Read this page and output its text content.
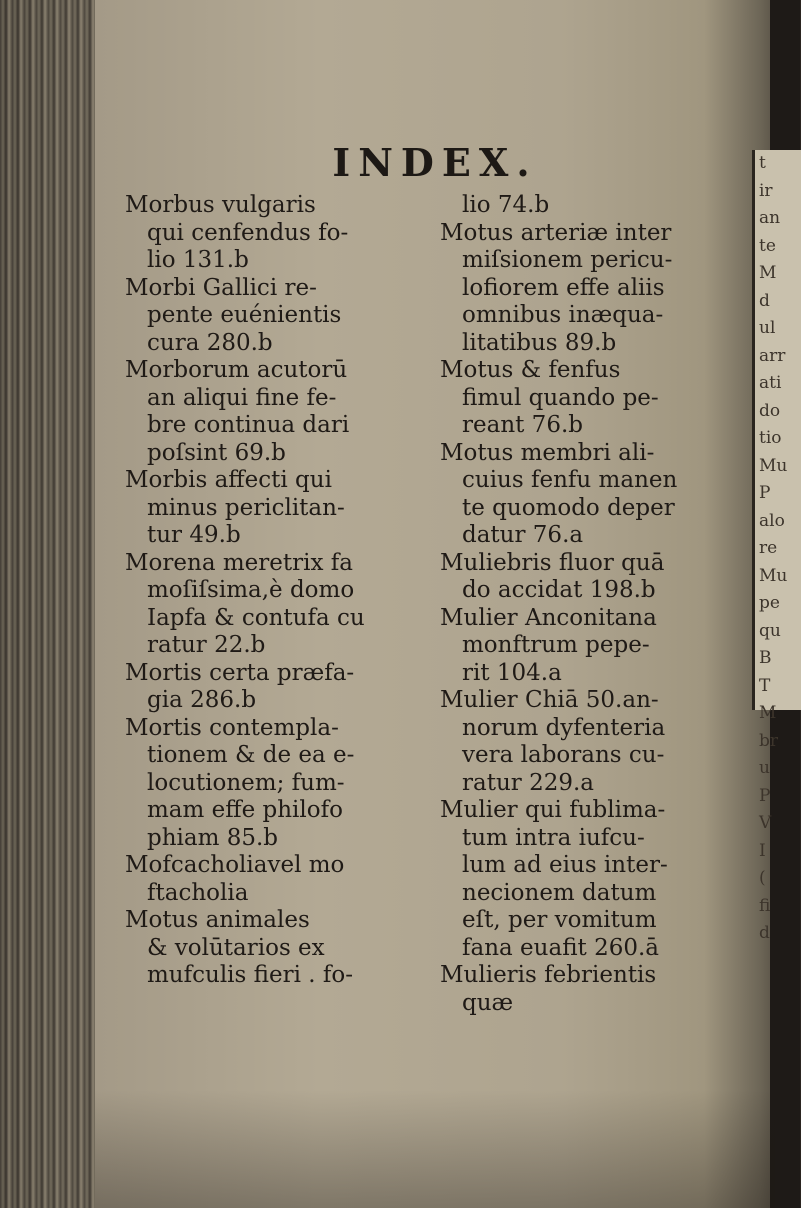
t
ir
an
te
M
d
ul
arr
ati
do
tio
Mu
P
alo
re
Mu
pe
qu
B
T
M
br
u
P
V
I
(
fi
d
INDEX.
Morbus vulgaris
qui cenfendus fo-
lio 131.b
Morbi Gallici re-
pente euénientis
cura 280.b
Morborum acutorū
an aliqui fine fe-
bre continua dari
poſsint 69.b
Morbis affecti qui
minus periclitan-
tur 49.b
Morena meretrix fa
moſiſsima,è domo
Iapfa & contufa cu
ratur 22.b
Mortis certa præfa-
gia 286.b
Mortis contempla-
tionem & de ea e-
locutionem; fum-
mam effe philofo
phiam 85.b
Mofcacholiavel mo
ftacholia
Motus animales
& volūtarios ex
mufculis fieri . fo-
lio 74.b
Motus arteriæ inter
miſsionem pericu-
lofiorem effe aliis
omnibus inæqua-
litatibus 89.b
Motus & fenfus
fimul quando pe-
reant 76.b
Motus membri ali-
cuius fenfu manen
te quomodo deper
datur 76.a
Muliebris fluor quā
do accidat 198.b
Mulier Anconitana
monftrum pepe-
rit 104.a
Mulier Chiā 50.an-
norum dyfenteria
vera laborans cu-
ratur 229.a
Mulier qui fublima-
tum intra iufcu-
lum ad eius inter-
necionem datum
eſt, per vomitum
fana euafit 260.ā
Mulieris febrientis
quæ
